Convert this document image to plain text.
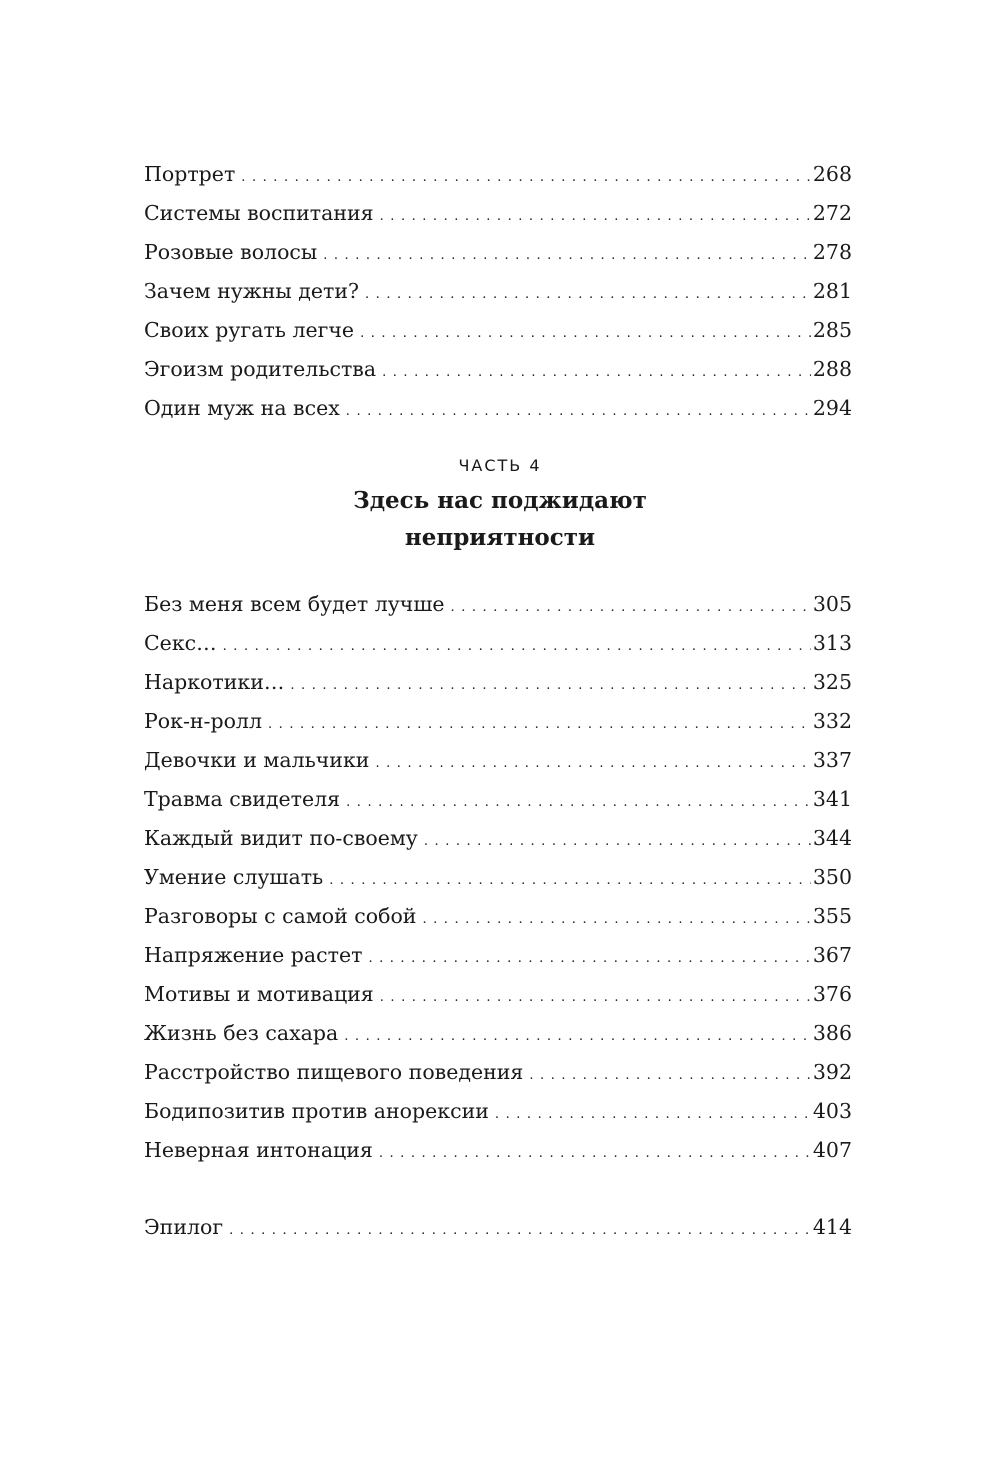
Портрет . . .	268
Системы воспитания . . .	272
Розовые волосы . . .	278
Зачем нужны дети? . . .	281
Своих ругать легче . . .	285
Эгоизм родительства . . .	288
Один муж на всех . . .	294
ЧАСТЬ 4
Здесь нас поджидают
неприятности
Без меня всем будет лучше . . .	305
Секс… . . .	313
Наркотики… . . .	325
Рок-н-ролл . . .	332
Девочки и мальчики . . .	337
Травма свидетеля . . .	341
Каждый видит по-своему . . .	344
Умение слушать . . .	350
Разговоры с самой собой . . .	355
Напряжение растет . . .	367
Мотивы и мотивация . . .	376
Жизнь без сахара . . .	386
Расстройство пищевого поведения . . .	392
Бодипозитив против анорексии . . .	403
Неверная интонация . . .	407
Эпилог . . .	414
